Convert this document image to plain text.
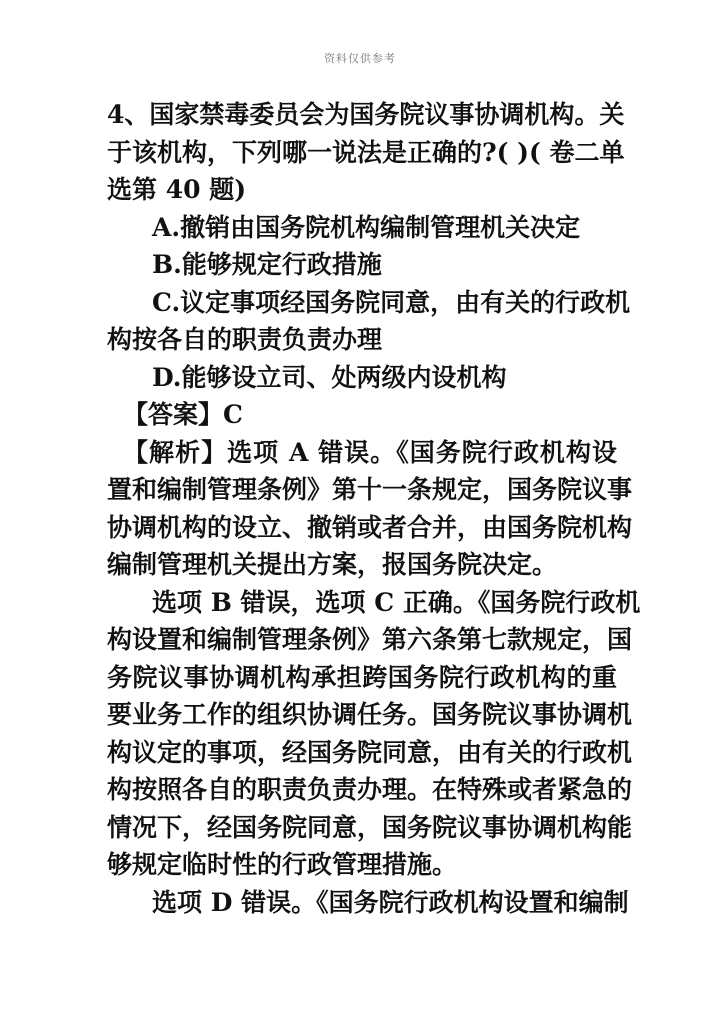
资料仅供参考
4、国家禁毒委员会为国务院议事协调机构。关
于该机构，下列哪一说法是正确的?( )( 卷二单
选第 40 题)
A.撤销由国务院机构编制管理机关决定
B.能够规定行政措施
C.议定事项经国务院同意，由有关的行政机
构按各自的职责负责办理
D.能够设立司、处两级内设机构
【答案】C
【解析】选项 A 错误。《国务院行政机构设
置和编制管理条例》第十一条规定，国务院议事
协调机构的设立、撤销或者合并，由国务院机构
编制管理机关提出方案，报国务院决定。
选项 B 错误，选项 C 正确。《国务院行政机
构设置和编制管理条例》第六条第七款规定，国
务院议事协调机构承担跨国务院行政机构的重
要业务工作的组织协调任务。国务院议事协调机
构议定的事项，经国务院同意，由有关的行政机
构按照各自的职责负责办理。在特殊或者紧急的
情况下，经国务院同意，国务院议事协调机构能
够规定临时性的行政管理措施。
选项 D 错误。《国务院行政机构设置和编制
